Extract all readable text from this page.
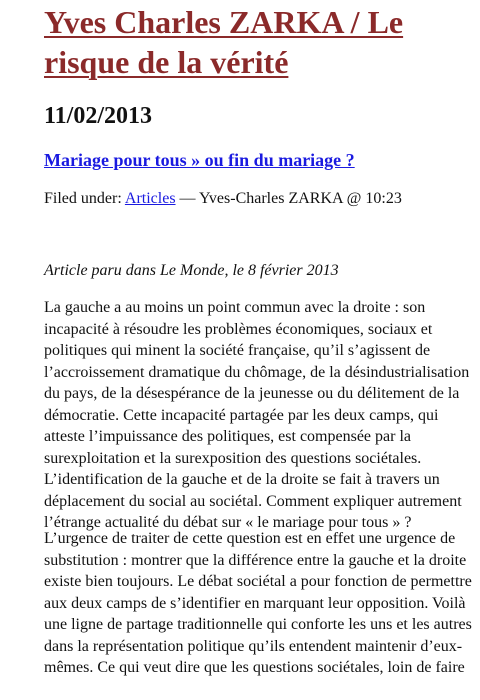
Yves Charles ZARKA / Le risque de la vérité
11/02/2013
Mariage pour tous » ou fin du mariage ?
Filed under: Articles — Yves-Charles ZARKA @ 10:23

Article paru dans Le Monde, le 8 février 2013

La gauche a au moins un point commun avec la droite : son
incapacité à résoudre les problèmes économiques, sociaux et
politiques qui minent la société française, qu’il s’agissent de
l’accroissement dramatique du chômage, de la désindustrialisation
du pays, de la désespérance de la jeunesse ou du délitement de la
démocratie. Cette incapacité partagée par les deux camps, qui
atteste l’impuissance des politiques, est compensée par la
surexploitation et la surexposition des questions sociétales.
L’identification de la gauche et de la droite se fait à travers un
déplacement du social au sociétal. Comment expliquer autrement
l’étrange actualité du débat sur « le mariage pour tous » ?

L’urgence de traiter de cette question est en effet une urgence de
substitution : montrer que la différence entre la gauche et la droite
existe bien toujours. Le débat sociétal a pour fonction de permettre
aux deux camps de s’identifier en marquant leur opposition. Voilà
une ligne de partage traditionnelle qui conforte les uns et les autres
dans la représentation politique qu’ils entendent maintenir d’eux-
mêmes. Ce qui veut dire que les questions sociétales, loin de faire
